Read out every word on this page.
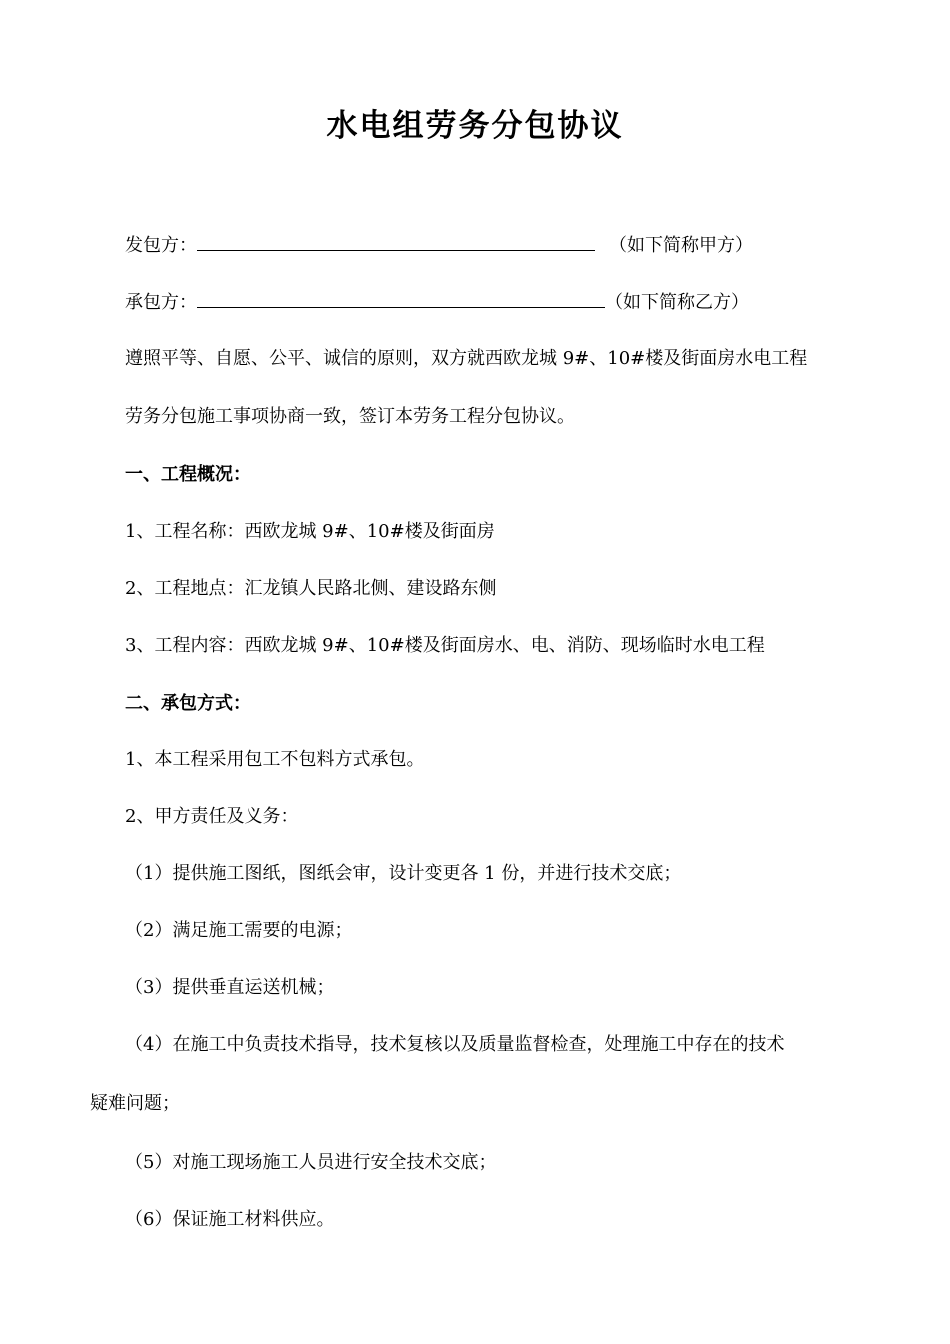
水电组劳务分包协议
发包方：	（如下简称甲方）
承包方：	（如下简称乙方）
遵照平等、自愿、公平、诚信的原则，双方就西欧龙城 9#、10#楼及街面房水电工程
劳务分包施工事项协商一致，签订本劳务工程分包协议。
一、工程概况：
1、工程名称：西欧龙城 9#、10#楼及街面房
2、工程地点：汇龙镇人民路北侧、建设路东侧
3、工程内容：西欧龙城 9#、10#楼及街面房水、电、消防、现场临时水电工程
二、承包方式：
1、本工程采用包工不包料方式承包。
2、甲方责任及义务：
（1）提供施工图纸，图纸会审，设计变更各 1 份，并进行技术交底；
（2）满足施工需要的电源；
（3）提供垂直运送机械；
（4）在施工中负责技术指导，技术复核以及质量监督检查，处理施工中存在的技术
疑难问题；
（5）对施工现场施工人员进行安全技术交底；
（6）保证施工材料供应。
